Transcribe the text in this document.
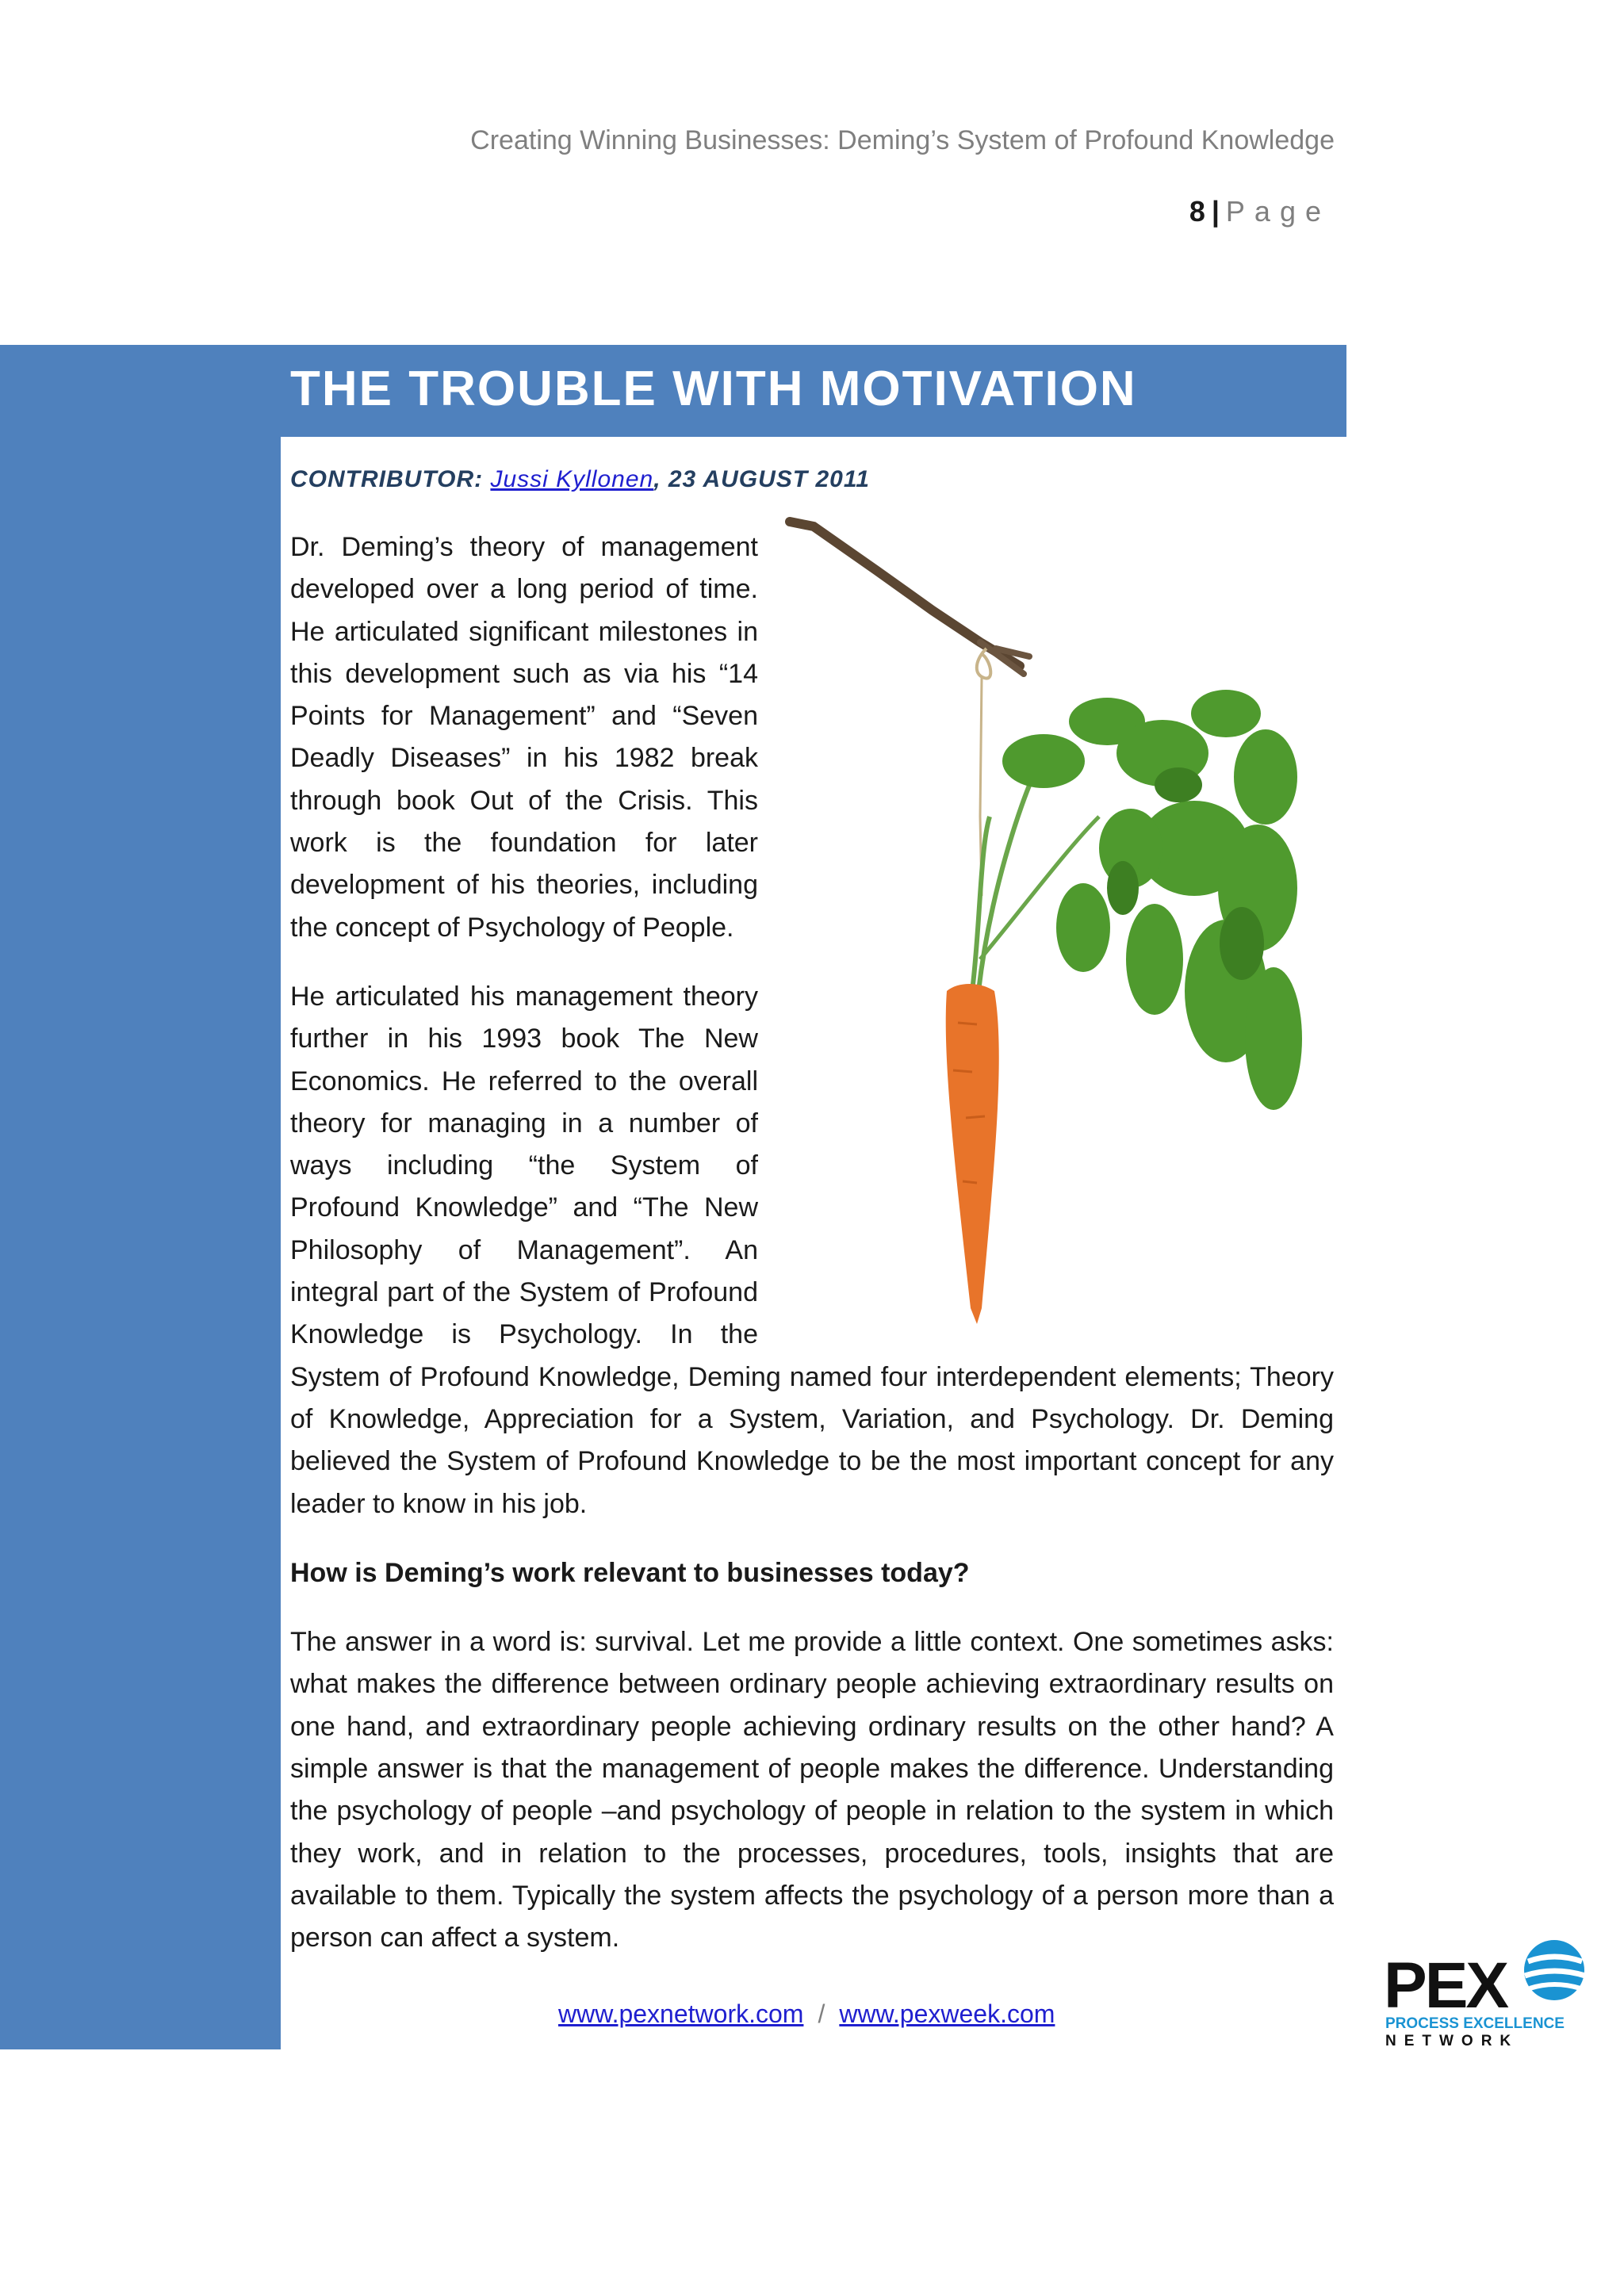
Creating Winning Businesses: Deming’s System of Profound Knowledge
8 | Page
THE TROUBLE WITH MOTIVATION
CONTRIBUTOR: Jussi Kyllonen, 23 AUGUST 2011

Dr. Deming’s theory of management developed over a long period of time. He articulated significant milestones in this development such as via his “14 Points for Management” and “Seven Deadly Diseases” in his 1982 break through book Out of the Crisis. This work is the foundation for later development of his theories, including the concept of Psychology of People.

He articulated his management theory further in his 1993 book The New Economics. He referred to the overall theory for managing in a number of ways including “the System of Profound Knowledge” and “The New Philosophy of Management”. An integral part of the System of Profound Knowledge is Psychology. In the System of Profound Knowledge, Deming named four interdependent elements; Theory of Knowledge, Appreciation for a System, Variation, and Psychology. Dr. Deming believed the System of Profound Knowledge to be the most important concept for any leader to know in his job.

How is Deming’s work relevant to businesses today?

The answer in a word is: survival. Let me provide a little context. One sometimes asks: what makes the difference between ordinary people achieving extraordinary results on one hand, and extraordinary people achieving ordinary results on the other hand? A simple answer is that the management of people makes the difference. Understanding the psychology of people –and psychology of people in relation to the system in which they work, and in relation to the processes, procedures, tools, insights that are available to them. Typically the system affects the psychology of a person more than a person can affect a system.

www.pexnetwork.com / www.pexweek.com	PEX
PROCESS EXCELLENCE
NETWORK
